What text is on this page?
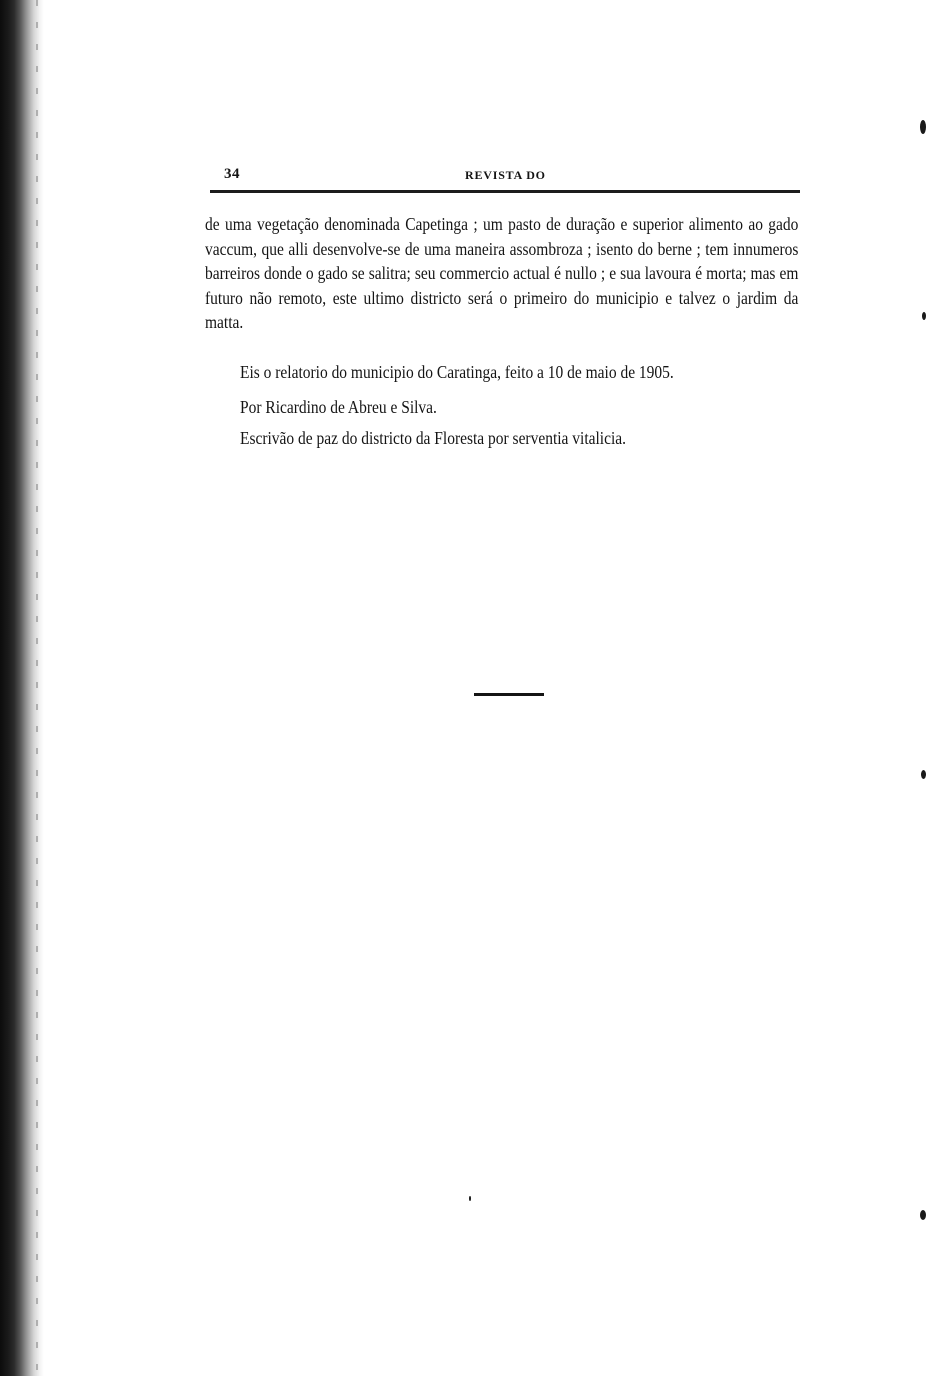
34	REVISTA DO

de uma vegetação denominada Capetinga ; um pasto de duração e superior alimento ao gado vaccum, que alli desenvolve-se de uma maneira assombroza ; isento do berne ; tem innumeros barreiros donde o gado se salitra; seu commercio actual é nullo ; e sua lavoura é morta; mas em futuro não remoto, este ultimo districto será o primeiro do municipio e talvez o jardim da matta.

Eis o relatorio do municipio do Caratinga, feito a 10 de maio de 1905.
Por Ricardino de Abreu e Silva.
Escrivão de paz do districto da Floresta por serventia vitalicia.
